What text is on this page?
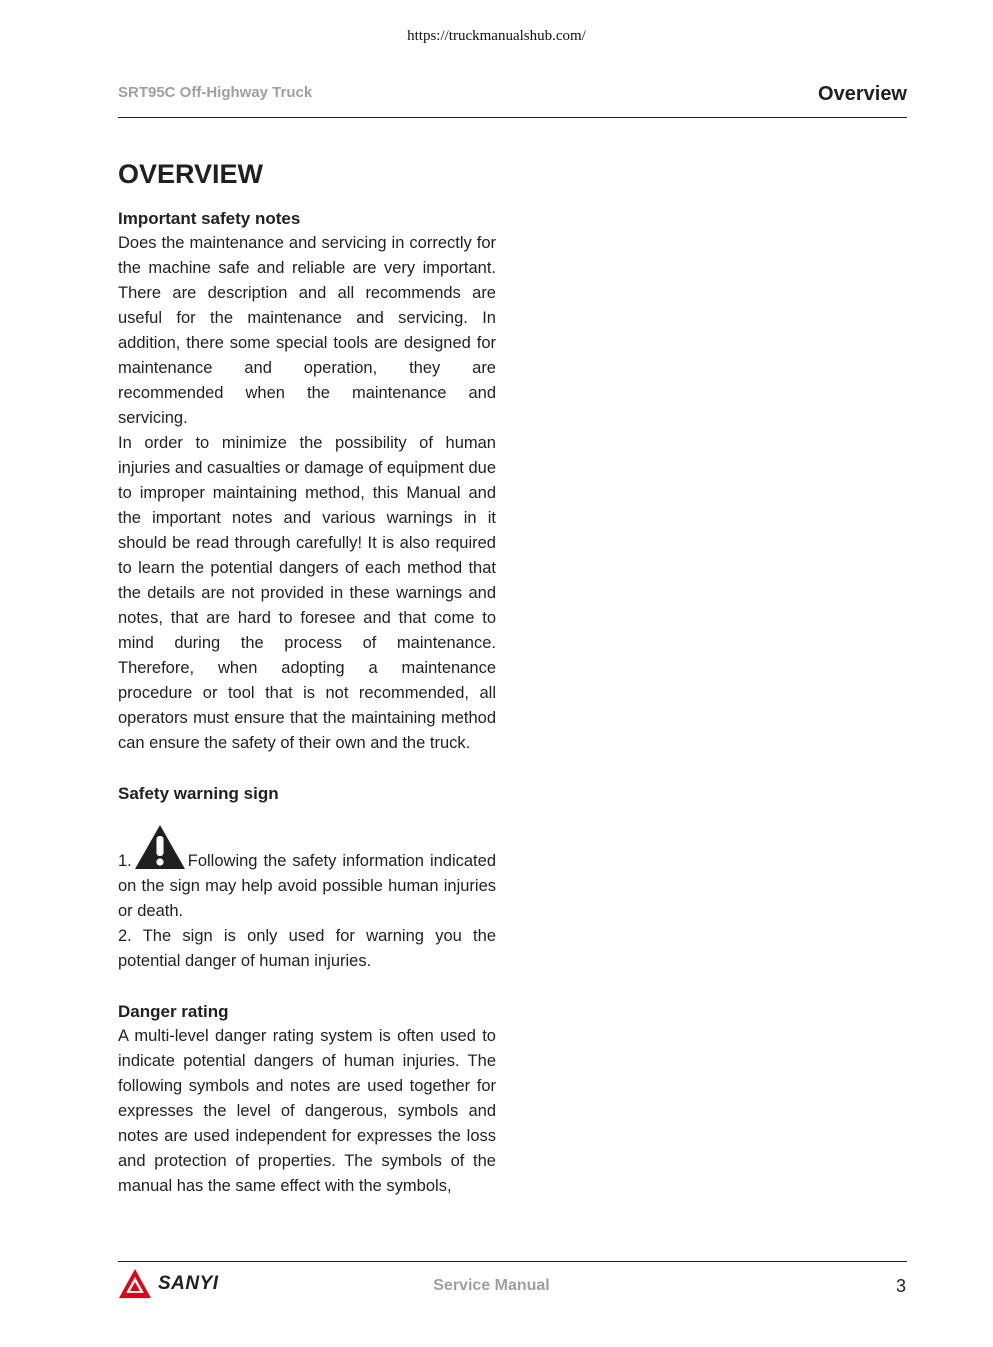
https://truckmanualshub.com/
SRT95C Off-Highway Truck	Overview
OVERVIEW

Important safety notes

Does the maintenance and servicing in correctly for the machine safe and reliable are very important. There are description and all recommends are useful for the maintenance and servicing. In addition, there some special tools are designed for maintenance and operation, they are recommended when the maintenance and servicing.

In order to minimize the possibility of human injuries and casualties or damage of equipment due to improper maintaining method, this Manual and the important notes and various warnings in it should be read through carefully! It is also required to learn the potential dangers of each method that the details are not provided in these warnings and notes, that are hard to foresee and that come to mind during the process of maintenance. Therefore, when adopting a maintenance procedure or tool that is not recommended, all operators must ensure that the maintaining method can ensure the safety of their own and the truck.

Safety warning sign

1.	Following the safety information indicated on the sign may help avoid possible human injuries or death.

2. The sign is only used for warning you the potential danger of human injuries.

Danger rating

A multi-level danger rating system is often used to indicate potential dangers of human injuries. The following symbols and notes are used together for expresses the level of dangerous, symbols and notes are used independent for expresses the loss and protection of properties. The symbols of the manual has the same effect with the symbols,

SANYI	Service Manual	3
